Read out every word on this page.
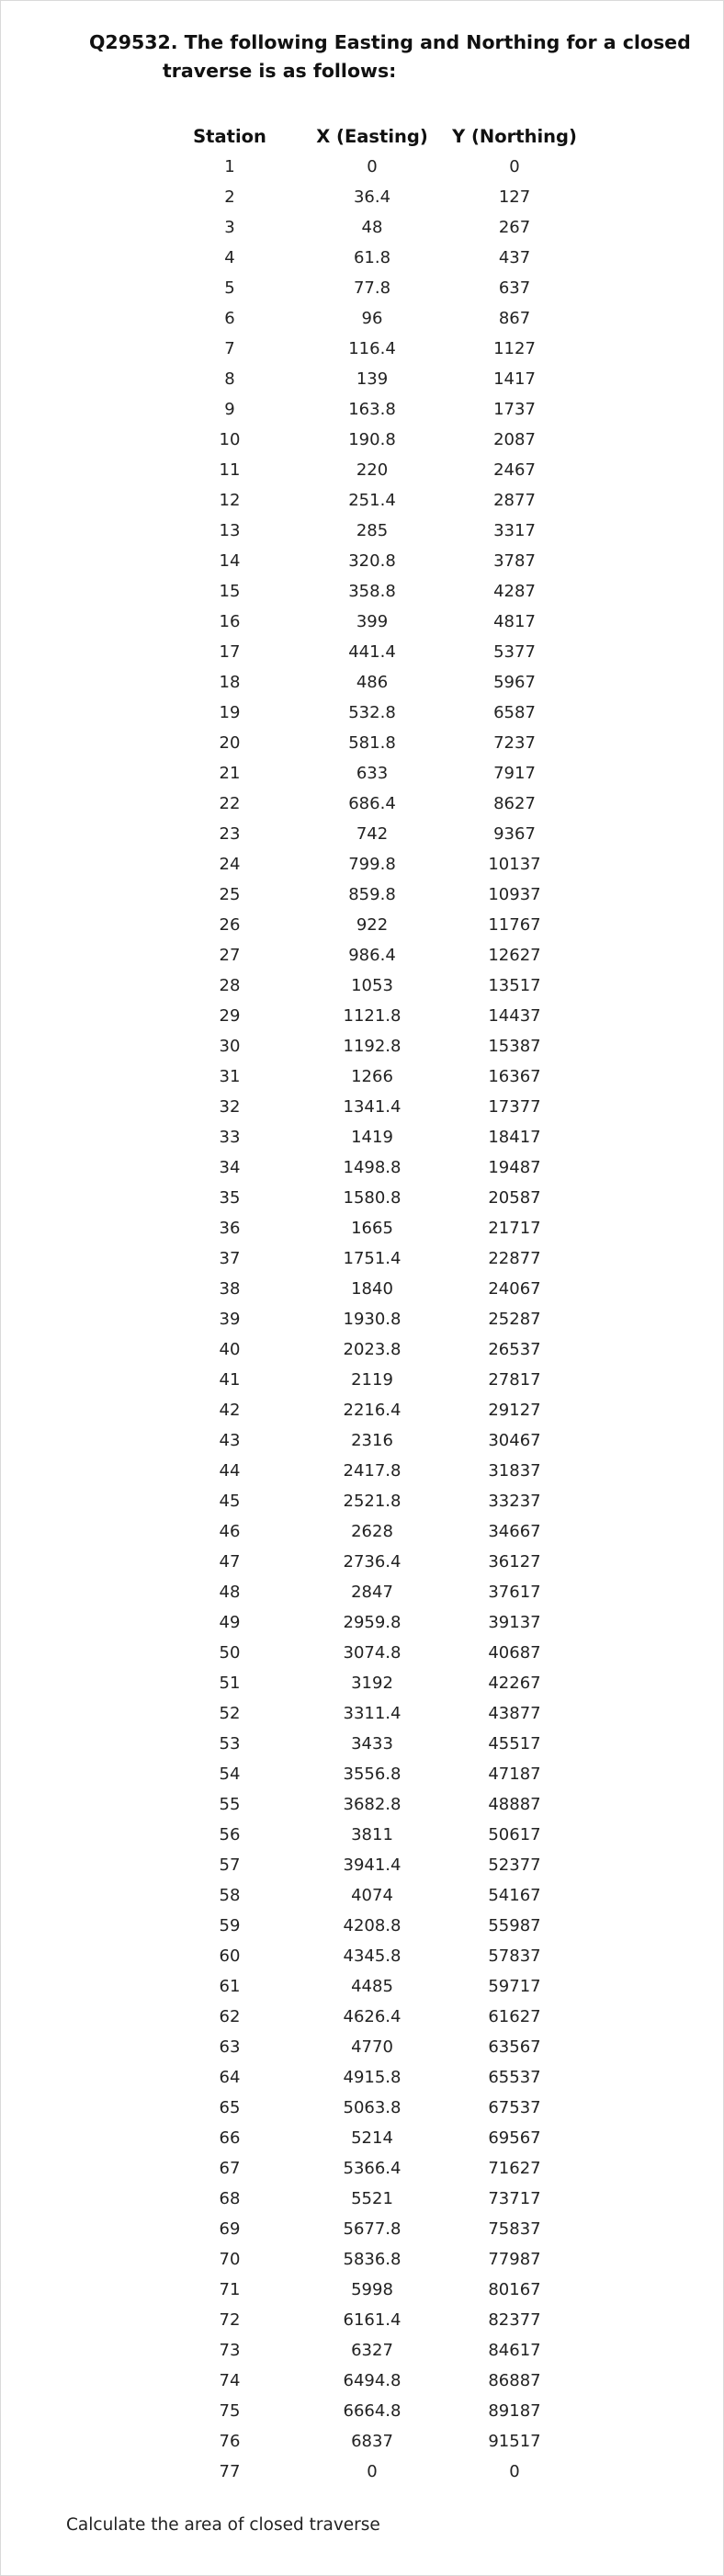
Q29532. The following Easting and Northing for a closed
traverse is as follows:
Station	X (Easting)	Y (Northing)
1	0	0
2	36.4	127
3	48	267
4	61.8	437
5	77.8	637
6	96	867
7	116.4	1127
8	139	1417
9	163.8	1737
10	190.8	2087
11	220	2467
12	251.4	2877
13	285	3317
14	320.8	3787
15	358.8	4287
16	399	4817
17	441.4	5377
18	486	5967
19	532.8	6587
20	581.8	7237
21	633	7917
22	686.4	8627
23	742	9367
24	799.8	10137
25	859.8	10937
26	922	11767
27	986.4	12627
28	1053	13517
29	1121.8	14437
30	1192.8	15387
31	1266	16367
32	1341.4	17377
33	1419	18417
34	1498.8	19487
35	1580.8	20587
36	1665	21717
37	1751.4	22877
38	1840	24067
39	1930.8	25287
40	2023.8	26537
41	2119	27817
42	2216.4	29127
43	2316	30467
44	2417.8	31837
45	2521.8	33237
46	2628	34667
47	2736.4	36127
48	2847	37617
49	2959.8	39137
50	3074.8	40687
51	3192	42267
52	3311.4	43877
53	3433	45517
54	3556.8	47187
55	3682.8	48887
56	3811	50617
57	3941.4	52377
58	4074	54167
59	4208.8	55987
60	4345.8	57837
61	4485	59717
62	4626.4	61627
63	4770	63567
64	4915.8	65537
65	5063.8	67537
66	5214	69567
67	5366.4	71627
68	5521	73717
69	5677.8	75837
70	5836.8	77987
71	5998	80167
72	6161.4	82377
73	6327	84617
74	6494.8	86887
75	6664.8	89187
76	6837	91517
77	0	0
Calculate the area of closed traverse
